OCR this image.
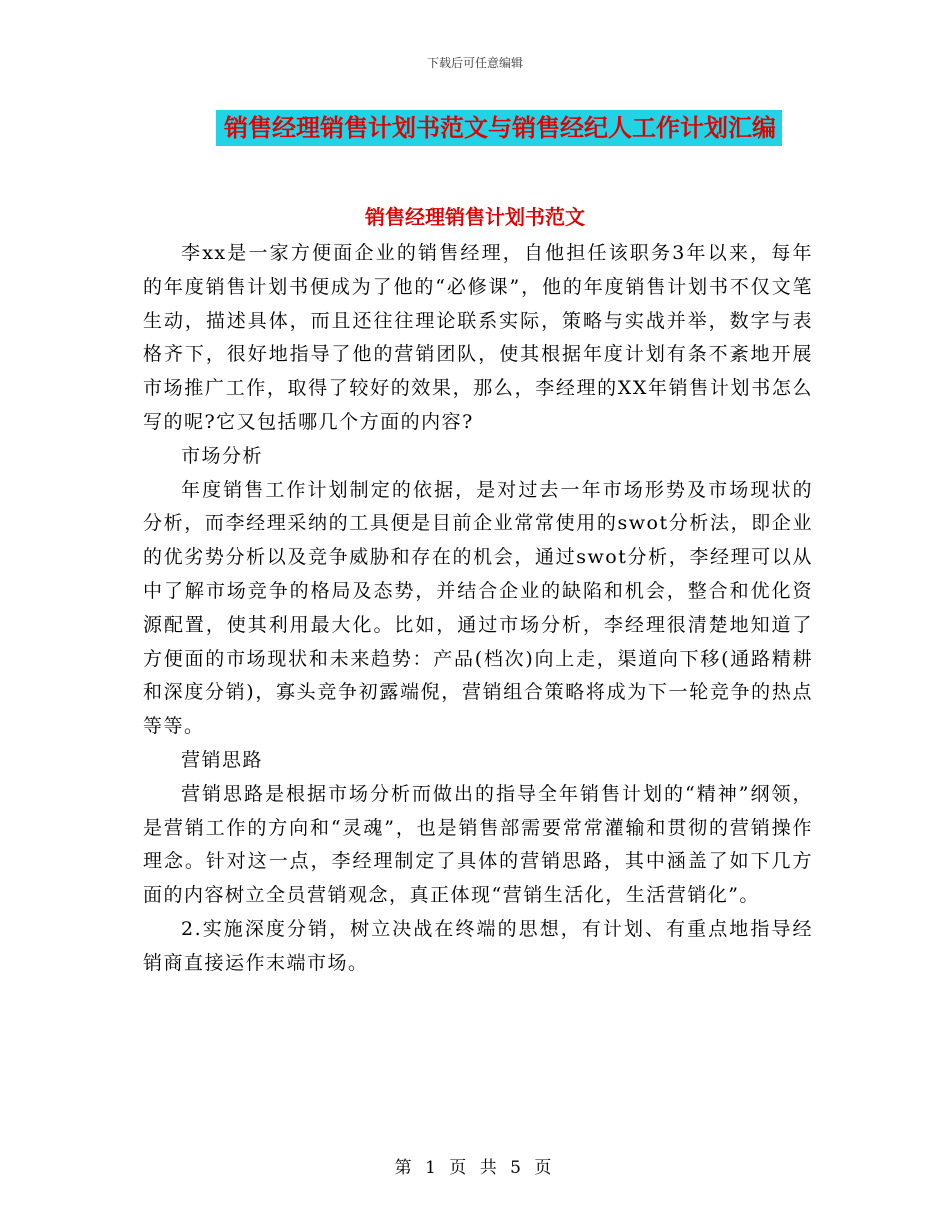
下载后可任意编辑
销售经理销售计划书范文与销售经纪人工作计划汇编
销售经理销售计划书范文

李xx是一家方便面企业的销售经理，自他担任该职务3年以来，每年的年度销售计划书便成为了他的“必修课”，他的年度销售计划书不仅文笔生动，描述具体，而且还往往理论联系实际，策略与实战并举，数字与表格齐下，很好地指导了他的营销团队，使其根据年度计划有条不紊地开展市场推广工作，取得了较好的效果，那么，李经理的XX年销售计划书怎么写的呢?它又包括哪几个方面的内容?

市场分析

年度销售工作计划制定的依据，是对过去一年市场形势及市场现状的分析，而李经理采纳的工具便是目前企业常常使用的swot分析法，即企业的优劣势分析以及竞争威胁和存在的机会，通过swot分析，李经理可以从中了解市场竞争的格局及态势，并结合企业的缺陷和机会，整合和优化资源配置，使其利用最大化。比如，通过市场分析，李经理很清楚地知道了方便面的市场现状和未来趋势：产品(档次)向上走，渠道向下移(通路精耕和深度分销)，寡头竞争初露端倪，营销组合策略将成为下一轮竞争的热点等等。

营销思路

营销思路是根据市场分析而做出的指导全年销售计划的“精神”纲领，是营销工作的方向和“灵魂”，也是销售部需要常常灌输和贯彻的营销操作理念。针对这一点，李经理制定了具体的营销思路，其中涵盖了如下几方面的内容树立全员营销观念，真正体现“营销生活化，生活营销化”。

2.实施深度分销，树立决战在终端的思想，有计划、有重点地指导经销商直接运作末端市场。

第 1 页 共 5 页
